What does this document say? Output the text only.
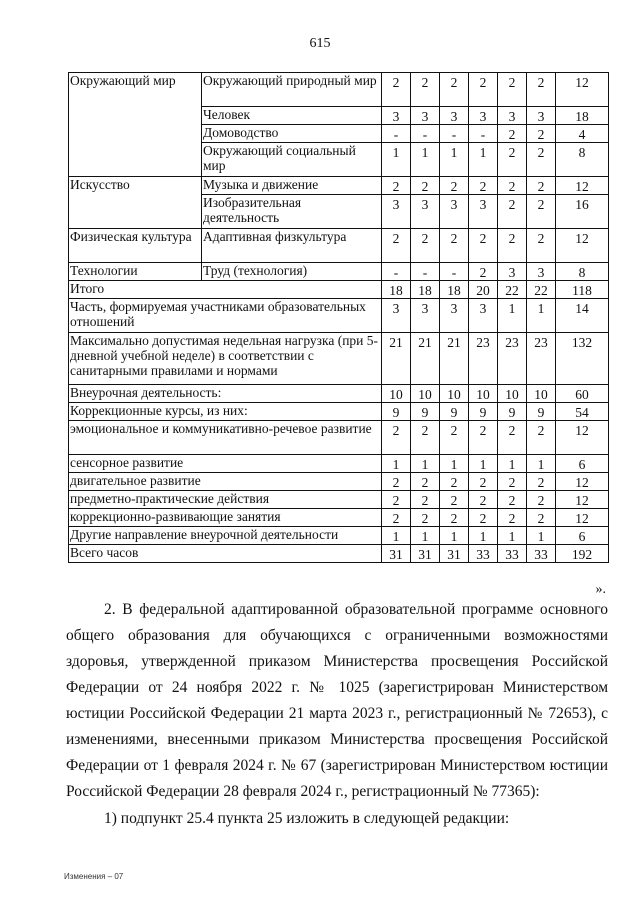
615
Окружающий мир	Окружающий природный мир	2	2	2	2	2	2	12
	Человек	3	3	3	3	3	3	18
	Домоводство	-	-	-	-	2	2	4
	Окружающий социальный мир	1	1	1	1	2	2	8
Искусство	Музыка и движение	2	2	2	2	2	2	12
	Изобразительная деятельность	3	3	3	3	2	2	16
Физическая культура	Адаптивная физкультура	2	2	2	2	2	2	12
Технологии	Труд (технология)	-	-	-	2	3	3	8
Итого		18	18	18	20	22	22	118
Часть, формируемая участниками образовательных отношений		3	3	3	3	1	1	14
Максимально допустимая недельная нагрузка (при 5-дневной учебной неделе) в соответствии с санитарными правилами и нормами		21	21	21	23	23	23	132
Внеурочная деятельность:		10	10	10	10	10	10	60
Коррекционные курсы, из них:		9	9	9	9	9	9	54
эмоциональное и коммуникативно-речевое развитие		2	2	2	2	2	2	12
сенсорное развитие		1	1	1	1	1	1	6
двигательное развитие		2	2	2	2	2	2	12
предметно-практические действия		2	2	2	2	2	2	12
коррекционно-развивающие занятия		2	2	2	2	2	2	12
Другие направление внеурочной деятельности		1	1	1	1	1	1	6
Всего часов		31	31	31	33	33	33	192
».
2. В федеральной адаптированной образовательной программе основного общего образования для обучающихся с ограниченными возможностями здоровья, утвержденной приказом Министерства просвещения Российской Федерации от 24 ноября 2022 г. № 1025 (зарегистрирован Министерством юстиции Российской Федерации 21 марта 2023 г., регистрационный № 72653), с изменениями, внесенными приказом Министерства просвещения Российской Федерации от 1 февраля 2024 г. № 67 (зарегистрирован Министерством юстиции Российской Федерации 28 февраля 2024 г., регистрационный № 77365):
1) подпункт 25.4 пункта 25 изложить в следующей редакции:
Изменения – 07
